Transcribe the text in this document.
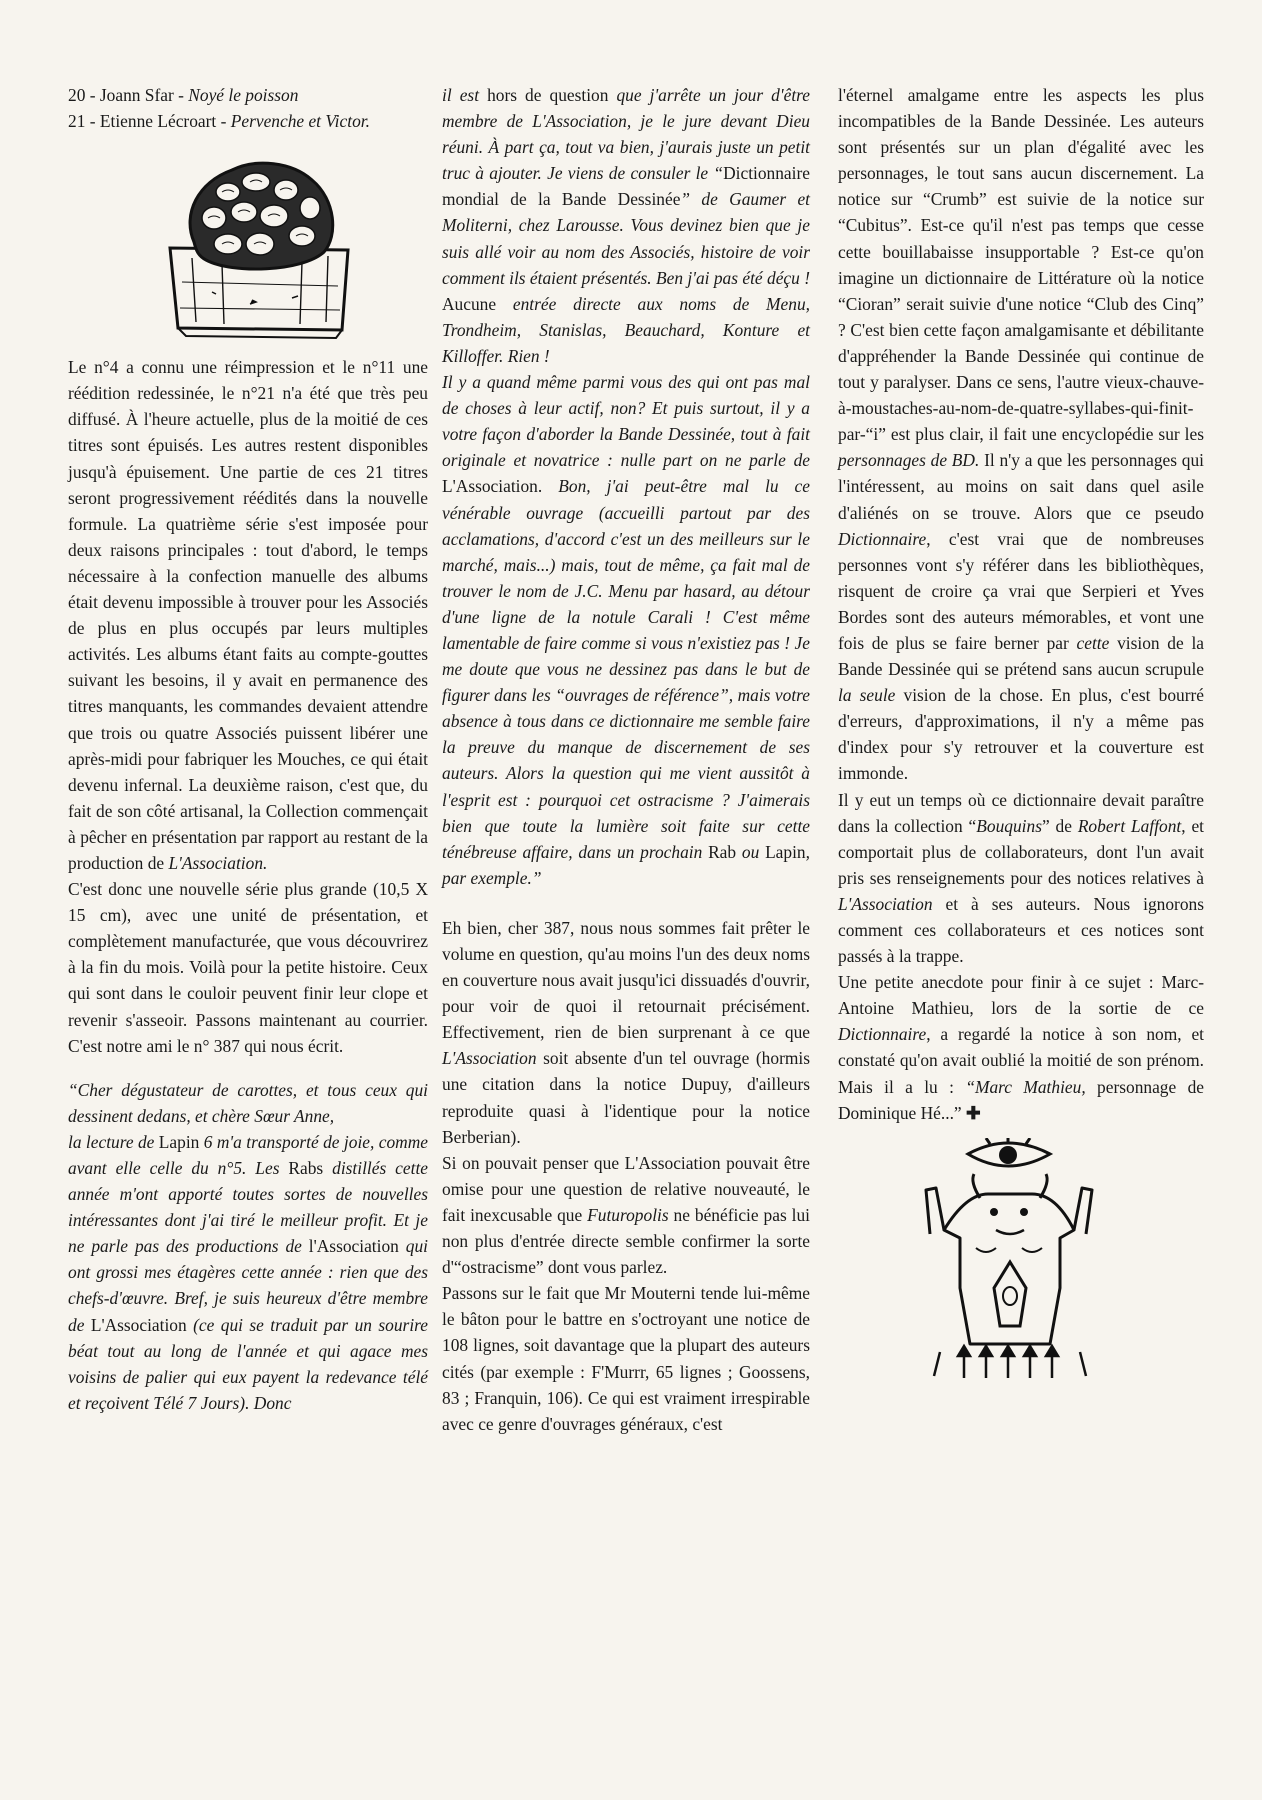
20 - Joann Sfar - Noyé le poisson

21 - Etienne Lécroart - Pervenche et Victor.

Le n°4 a connu une réimpression et le n°11 une réédition redessinée, le n°21 n'a été que très peu diffusé. À l'heure actuelle, plus de la moitié de ces titres sont épuisés. Les autres restent disponibles jusqu'à épuisement. Une partie de ces 21 titres seront progressivement réédités dans la nouvelle formule. La quatrième série s'est imposée pour deux raisons principales : tout d'abord, le temps nécessaire à la confection manuelle des albums était devenu impossible à trouver pour les Associés de plus en plus occupés par leurs multiples activités. Les albums étant faits au compte-gouttes suivant les besoins, il y avait en permanence des titres manquants, les commandes devaient attendre que trois ou quatre Associés puissent libérer une après-midi pour fabriquer les Mouches, ce qui était devenu infernal. La deuxième raison, c'est que, du fait de son côté artisanal, la Collection commençait à pêcher en présentation par rapport au restant de la production de L'Association.

C'est donc une nouvelle série plus grande (10,5 X 15 cm), avec une unité de présentation, et complètement manufacturée, que vous découvrirez à la fin du mois. Voilà pour la petite histoire. Ceux qui sont dans le couloir peuvent finir leur clope et revenir s'asseoir. Passons maintenant au courrier. C'est notre ami le n° 387 qui nous écrit.

“Cher dégustateur de carottes, et tous ceux qui dessinent dedans, et chère Sœur Anne,

la lecture de Lapin 6 m'a transporté de joie, comme avant elle celle du n°5. Les Rabs distillés cette année m'ont apporté toutes sortes de nouvelles intéressantes dont j'ai tiré le meilleur profit. Et je ne parle pas des productions de l'Association qui ont grossi mes étagères cette année : rien que des chefs-d'œuvre. Bref, je suis heureux d'être membre de L'Association (ce qui se traduit par un sourire béat tout au long de l'année et qui agace mes voisins de palier qui eux payent la redevance télé et reçoivent Télé 7 Jours). Donc

il est hors de question que j'arrête un jour d'être membre de L'Association, je le jure devant Dieu réuni. À part ça, tout va bien, j'aurais juste un petit truc à ajouter. Je viens de consuler le “Dictionnaire mondial de la Bande Dessinée” de Gaumer et Moliterni, chez Larousse. Vous devinez bien que je suis allé voir au nom des Associés, histoire de voir comment ils étaient présentés. Ben j'ai pas été déçu ! Aucune entrée directe aux noms de Menu, Trondheim, Stanislas, Beauchard, Konture et Killoffer. Rien !

Il y a quand même parmi vous des qui ont pas mal de choses à leur actif, non? Et puis surtout, il y a votre façon d'aborder la Bande Dessinée, tout à fait originale et novatrice : nulle part on ne parle de L'Association. Bon, j'ai peut-être mal lu ce vénérable ouvrage (accueilli partout par des acclamations, d'accord c'est un des meilleurs sur le marché, mais...) mais, tout de même, ça fait mal de trouver le nom de J.C. Menu par hasard, au détour d'une ligne de la notule Carali ! C'est même lamentable de faire comme si vous n'existiez pas ! Je me doute que vous ne dessinez pas dans le but de figurer dans les “ouvrages de référence”, mais votre absence à tous dans ce dictionnaire me semble faire la preuve du manque de discernement de ses auteurs. Alors la question qui me vient aussitôt à l'esprit est : pourquoi cet ostracisme ? J'aimerais bien que toute la lumière soit faite sur cette ténébreuse affaire, dans un prochain Rab ou Lapin, par exemple.”

Eh bien, cher 387, nous nous sommes fait prêter le volume en question, qu'au moins l'un des deux noms en couverture nous avait jusqu'ici dissuadés d'ouvrir, pour voir de quoi il retournait précisément. Effectivement, rien de bien surprenant à ce que L'Association soit absente d'un tel ouvrage (hormis une citation dans la notice Dupuy, d'ailleurs reproduite quasi à l'identique pour la notice Berberian).

Si on pouvait penser que L'Association pouvait être omise pour une question de relative nouveauté, le fait inexcusable que Futuropolis ne bénéficie pas lui non plus d'entrée directe semble confirmer la sorte d'“ostracisme” dont vous parlez.

Passons sur le fait que Mr Mouterni tende lui-même le bâton pour le battre en s'octroyant une notice de 108 lignes, soit davantage que la plupart des auteurs cités (par exemple : F'Murrr, 65 lignes ; Goossens, 83 ; Franquin, 106). Ce qui est vraiment irrespirable avec ce genre d'ouvrages généraux, c'est

l'éternel amalgame entre les aspects les plus incompatibles de la Bande Dessinée. Les auteurs sont présentés sur un plan d'égalité avec les personnages, le tout sans aucun discernement. La notice sur “Crumb” est suivie de la notice sur “Cubitus”. Est-ce qu'il n'est pas temps que cesse cette bouillabaisse insupportable ? Est-ce qu'on imagine un dictionnaire de Littérature où la notice “Cioran” serait suivie d'une notice “Club des Cinq” ? C'est bien cette façon amalgamisante et débilitante d'appréhender la Bande Dessinée qui continue de tout y paralyser. Dans ce sens, l'autre vieux-chauve-à-moustaches-au-nom-de-quatre-syllabes-qui-finit-par-“i” est plus clair, il fait une encyclopédie sur les personnages de BD. Il n'y a que les personnages qui l'intéressent, au moins on sait dans quel asile d'aliénés on se trouve. Alors que ce pseudo Dictionnaire, c'est vrai que de nombreuses personnes vont s'y référer dans les bibliothèques, risquent de croire ça vrai que Serpieri et Yves Bordes sont des auteurs mémorables, et vont une fois de plus se faire berner par cette vision de la Bande Dessinée qui se prétend sans aucun scrupule la seule vision de la chose. En plus, c'est bourré d'erreurs, d'approximations, il n'y a même pas d'index pour s'y retrouver et la couverture est immonde.

Il y eut un temps où ce dictionnaire devait paraître dans la collection “Bouquins” de Robert Laffont, et comportait plus de collaborateurs, dont l'un avait pris ses renseignements pour des notices relatives à L'Association et à ses auteurs. Nous ignorons comment ces collaborateurs et ces notices sont passés à la trappe.

Une petite anecdote pour finir à ce sujet : Marc-Antoine Mathieu, lors de la sortie de ce Dictionnaire, a regardé la notice à son nom, et constaté qu'on avait oublié la moitié de son prénom. Mais il a lu : “Marc Mathieu, personnage de Dominique Hé...” ✚
